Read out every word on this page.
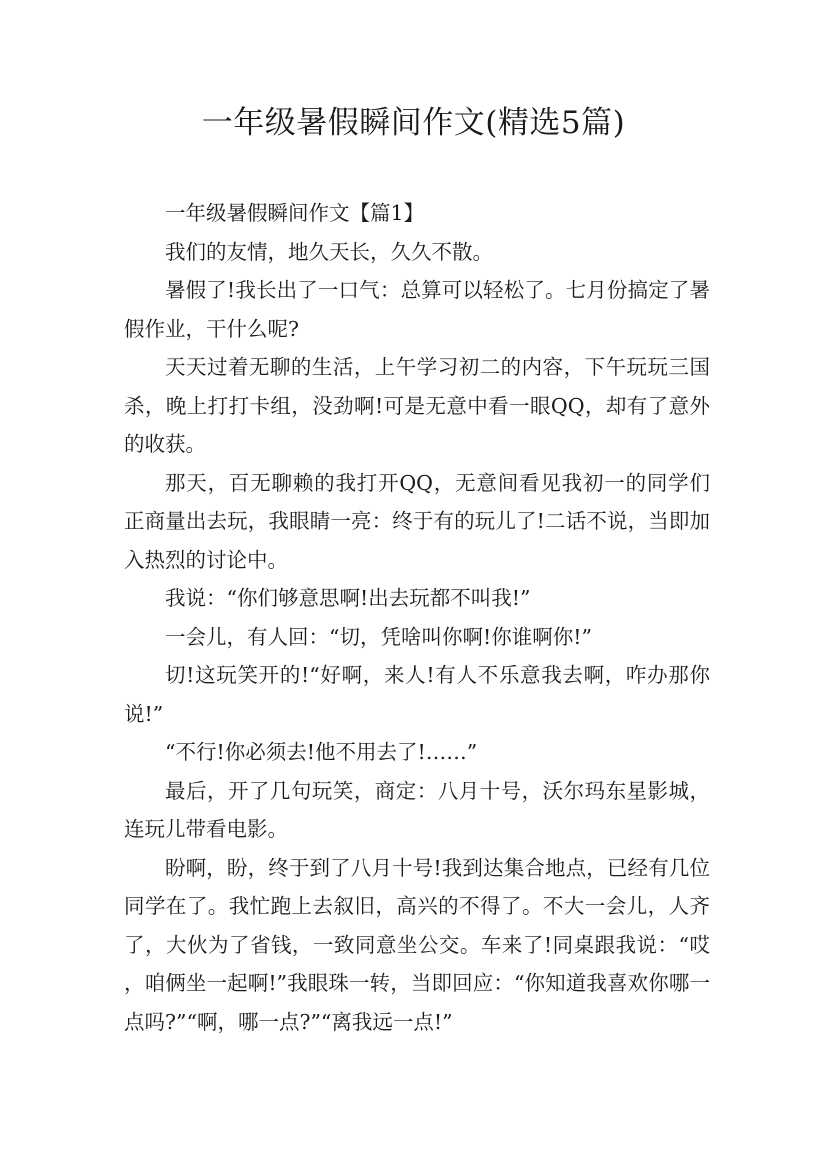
一年级暑假瞬间作文(精选5篇)

一年级暑假瞬间作文【篇1】

我们的友情，地久天长，久久不散。

暑假了!我长出了一口气：总算可以轻松了。七月份搞定了暑假作业，干什么呢?

天天过着无聊的生活，上午学习初二的内容，下午玩玩三国杀，晚上打打卡组，没劲啊!可是无意中看一眼QQ，却有了意外的收获。

那天，百无聊赖的我打开QQ，无意间看见我初一的同学们正商量出去玩，我眼睛一亮：终于有的玩儿了!二话不说，当即加入热烈的讨论中。

我说：“你们够意思啊!出去玩都不叫我!”

一会儿，有人回：“切，凭啥叫你啊!你谁啊你!”

切!这玩笑开的!“好啊，来人!有人不乐意我去啊，咋办那你说!”

“不行!你必须去!他不用去了!……”

最后，开了几句玩笑，商定：八月十号，沃尔玛东星影城，连玩儿带看电影。

盼啊，盼，终于到了八月十号!我到达集合地点，已经有几位同学在了。我忙跑上去叙旧，高兴的不得了。不大一会儿，人齐了，大伙为了省钱，一致同意坐公交。车来了!同桌跟我说：“哎，咱俩坐一起啊!”我眼珠一转，当即回应：“你知道我喜欢你哪一点吗?”“啊，哪一点?”“离我远一点!”
